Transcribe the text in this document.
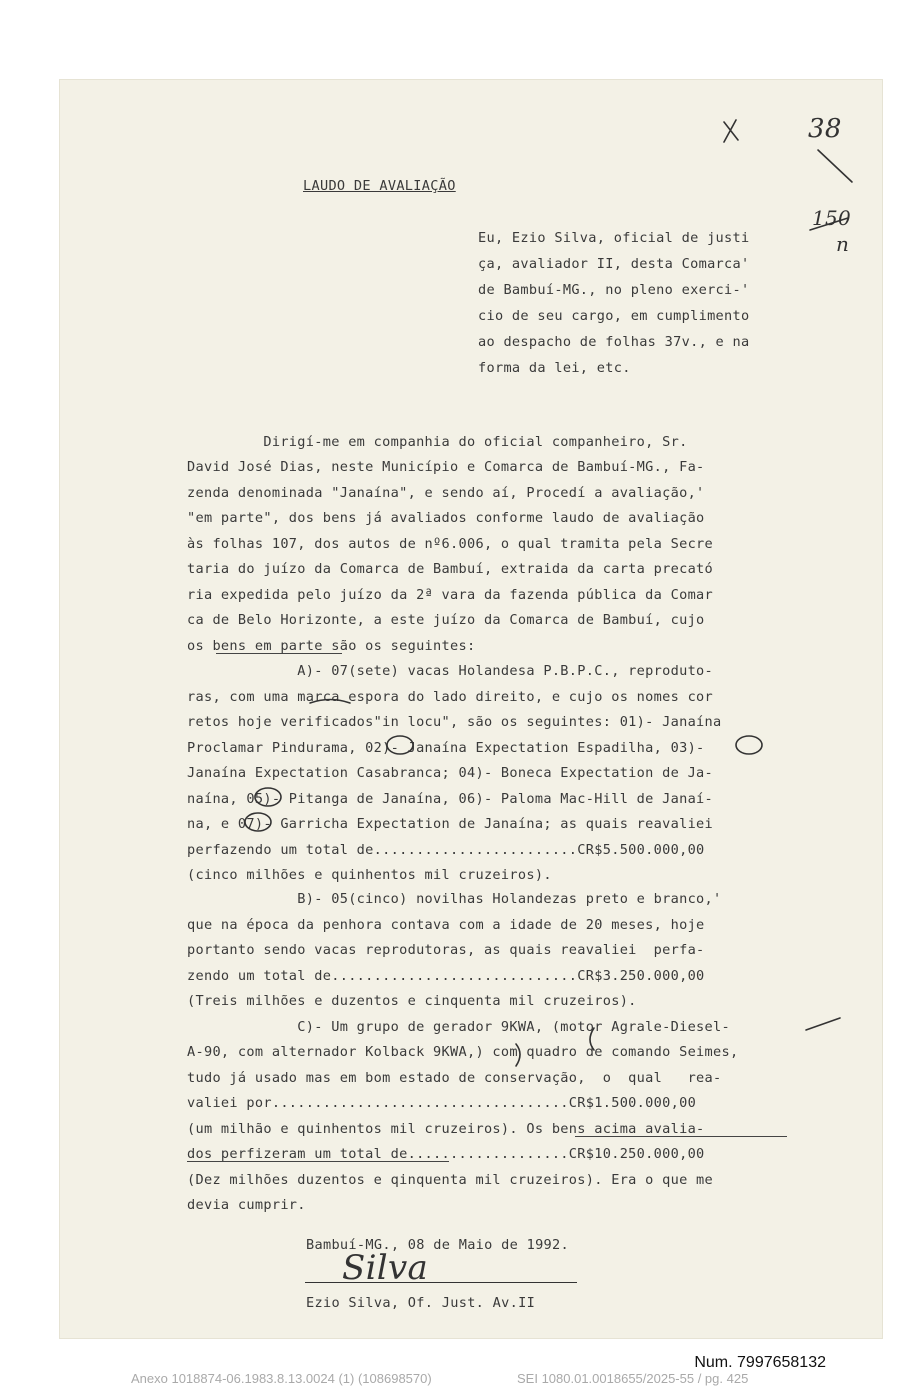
LAUDO DE AVALIAÇÃO
Eu, Ezio Silva, oficial de justi
ça, avaliador II, desta Comarca'
de Bambuí-MG., no pleno exerci-'
cio de seu cargo, em cumplimento
ao despacho de folhas 37v., e na
forma da lei, etc.
Dirigí-me em companhia do oficial companheiro, Sr.
David José Dias, neste Município e Comarca de Bambuí-MG., Fa-
zenda denominada "Janaína", e sendo aí, Procedí a avaliação,'
"em parte", dos bens já avaliados conforme laudo de avaliação
às folhas 107, dos autos de nº6.006, o qual tramita pela Secre
taria do juízo da Comarca de Bambuí, extraida da carta precató
ria expedida pelo juízo da 2ª vara da fazenda pública da Comar
ca de Belo Horizonte, a este juízo da Comarca de Bambuí, cujo
os bens em parte são os seguintes:
A)- 07(sete) vacas Holandesa P.B.P.C., reproduto-
ras, com uma marca espora do lado direito, e cujo os nomes cor
retos hoje verificados"in locu", são os seguintes: 01)- Janaína
Proclamar Pindurama, 02)- Janaína Expectation Espadilha, 03)-
Janaína Expectation Casabranca; 04)- Boneca Expectation de Ja-
naína, 05)- Pitanga de Janaína, 06)- Paloma Mac-Hill de Janaí-
na, e 07)- Garricha Expectation de Janaína; as quais reavaliei
perfazendo um total de........................CR$5.500.000,00
(cinco milhões e quinhentos mil cruzeiros).
B)- 05(cinco) novilhas Holandezas preto e branco,'
que na época da penhora contava com a idade de 20 meses, hoje
portanto sendo vacas reprodutoras, as quais reavaliei  perfa-
zendo um total de.............................CR$3.250.000,00
(Treis milhões e duzentos e cinquenta mil cruzeiros).
C)- Um grupo de gerador 9KWA, (motor Agrale-Diesel-
A-90, com alternador Kolback 9KWA,) com quadro de comando Seimes,
tudo já usado mas em bom estado de conservação,  o  qual   rea-
valiei por...................................CR$1.500.000,00
(um milhão e quinhentos mil cruzeiros). Os bens acima avalia-
dos perfizeram um total de...................CR$10.250.000,00
(Dez milhões duzentos e qinquenta mil cruzeiros). Era o que me
devia cumprir.
Bambuí-MG., 08 de Maio de 1992.
Ezio Silva, Of. Just. Av.II
Silva
38
150
n
Num. 7997658132
Anexo 1018874-06.1983.8.13.0024 (1) (108698570)	SEI 1080.01.0018655/2025-55 / pg. 425
